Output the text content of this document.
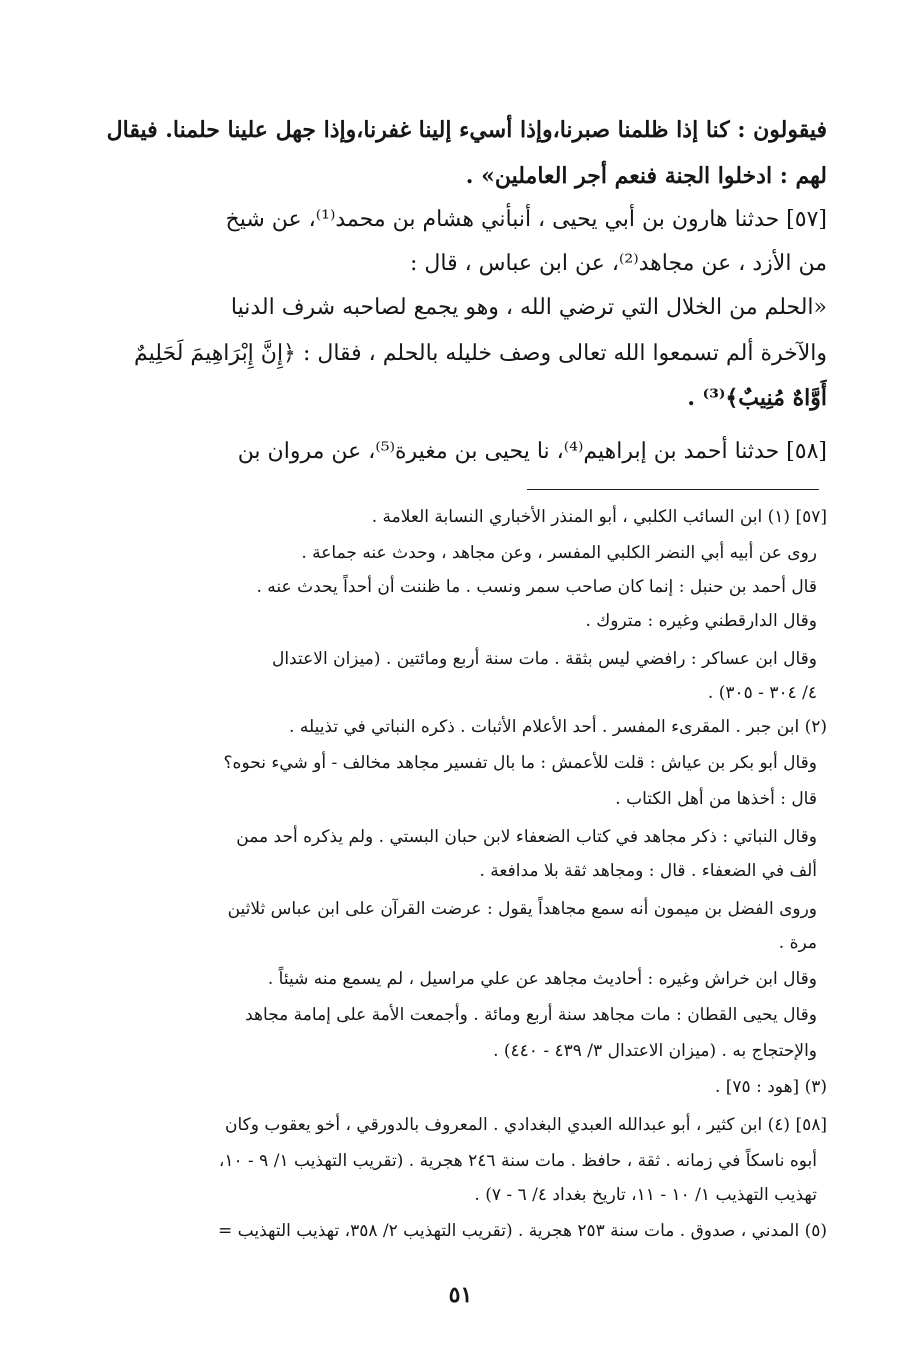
فيقولون : كنا إذا ظلمنا صبرنا،وإذا أسيء إلينا غفرنا،وإذا جهل علينا حلمنا. فيقال
لهم : ادخلوا الجنة فنعم أجر العاملين» .
[٥٧] حدثنا هارون بن أبي يحيى ، أنبأني هشام بن محمد⁽¹⁾، عن شيخ
من الأزد ، عن مجاهد⁽²⁾، عن ابن عباس ، قال :
«الحلم من الخلال التي ترضي الله ، وهو يجمع لصاحبه شرف الدنيا
والآخرة ألم تسمعوا الله تعالى وصف خليله بالحلم ، فقال : ﴿إِنَّ إِبْرَاهِيمَ لَحَلِيمٌ
أَوَّاهٌ مُنِيبٌ﴾⁽³⁾ .
[٥٨] حدثنا أحمد بن إبراهيم⁽⁴⁾، نا يحيى بن مغيرة⁽⁵⁾، عن مروان بن
[٥٧] (١) ابن السائب الكلبي ، أبو المنذر الأخباري النسابة العلامة .
روى عن أبيه أبي النضر الكلبي المفسر ، وعن مجاهد ، وحدث عنه جماعة .
قال أحمد بن حنبل : إنما كان صاحب سمر ونسب . ما ظننت أن أحداً يحدث عنه .
وقال الدارقطني وغيره : متروك .
وقال ابن عساكر : رافضي ليس بثقة . مات سنة أربع ومائتين . (ميزان الاعتدال
٤/ ٣٠٤ - ٣٠٥) .
(٢) ابن جبر . المقرىء المفسر . أحد الأعلام الأثبات . ذكره النباتي في تذييله .
وقال أبو بكر بن عياش : قلت للأعمش : ما بال تفسير مجاهد مخالف - أو شيء نحوه؟
قال : أخذها من أهل الكتاب .
وقال النباتي : ذكر مجاهد في كتاب الضعفاء لابن حبان البستي . ولم يذكره أحد ممن
ألف في الضعفاء . قال : ومجاهد ثقة بلا مدافعة .
وروى الفضل بن ميمون أنه سمع مجاهداً يقول : عرضت القرآن على ابن عباس ثلاثين
مرة .
وقال ابن خراش وغيره : أحاديث مجاهد عن علي مراسيل ، لم يسمع منه شيئاً .
وقال يحيى القطان : مات مجاهد سنة أربع ومائة . وأجمعت الأمة على إمامة مجاهد
والإحتجاج به . (ميزان الاعتدال ٣/ ٤٣٩ - ٤٤٠) .
(٣) [هود : ٧٥] .
[٥٨] (٤) ابن كثير ، أبو عبدالله العبدي البغدادي . المعروف بالدورقي ، أخو يعقوب وكان
أبوه ناسكاً في زمانه . ثقة ، حافظ . مات سنة ٢٤٦ هجرية . (تقريب التهذيب ١/ ٩ - ١٠،
تهذيب التهذيب ١/ ١٠ - ١١، تاريخ بغداد ٤/ ٦ - ٧) .
(٥) المدني ، صدوق . مات سنة ٢٥٣ هجرية . (تقريب التهذيب ٢/ ٣٥٨، تهذيب التهذيب =
٥١
